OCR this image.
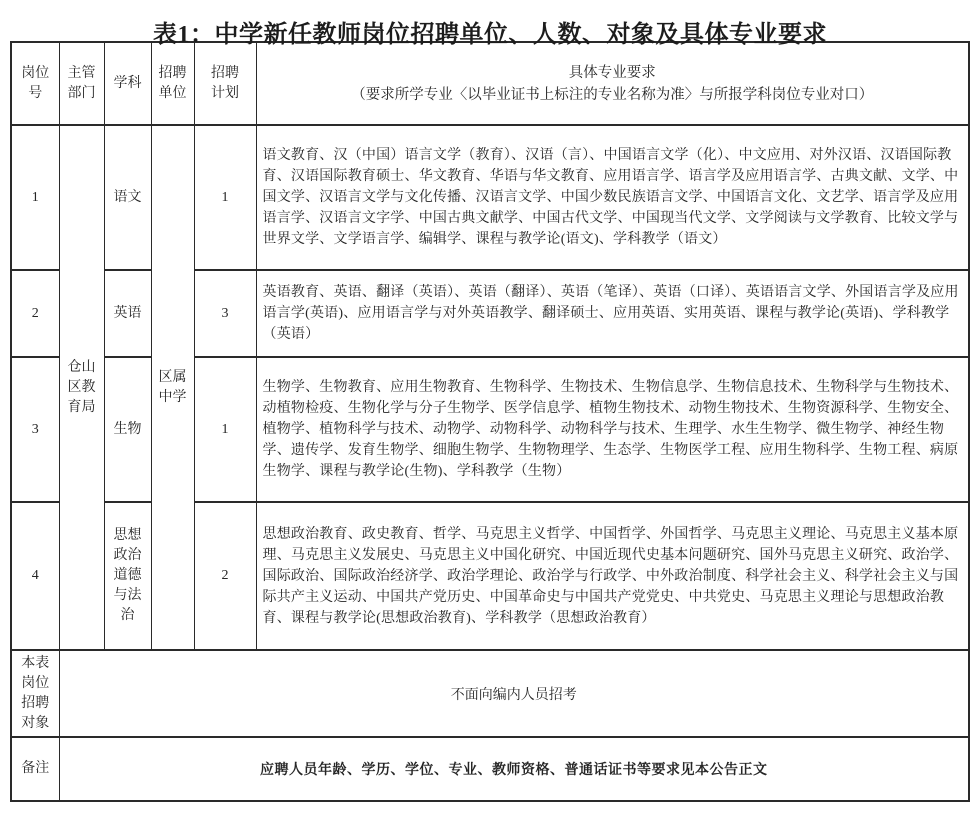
表1：中学新任教师岗位招聘单位、人数、对象及具体专业要求
岗位号	主管部门	学科	招聘单位	招聘计划	具体专业要求
（要求所学专业〈以毕业证书上标注的专业名称为准〉与所报学科岗位专业对口）

1	仓山区教育局	语文	区属中学	1	语文教育、汉（中国）语言文学（教育）、汉语（言）、中国语言文学（化）、中文应用、对外汉语、汉语国际教育、汉语国际教育硕士、华文教育、华语与华文教育、应用语言学、语言学及应用语言学、古典文献、文学、中国文学、汉语言文学与文化传播、汉语言文学、中国少数民族语言文学、中国语言文化、文艺学、语言学及应用语言学、汉语言文字学、中国古典文献学、中国古代文学、中国现当代文学、文学阅读与文学教育、比较文学与世界文学、文学语言学、编辑学、课程与教学论(语文)、学科教学（语文）
2		英语		3	英语教育、英语、翻译（英语）、英语（翻译）、英语（笔译）、英语（口译）、英语语言文学、外国语言学及应用语言学(英语)、应用语言学与对外英语教学、翻译硕士、应用英语、实用英语、课程与教学论(英语)、学科教学（英语）
3		生物		1	生物学、生物教育、应用生物教育、生物科学、生物技术、生物信息学、生物信息技术、生物科学与生物技术、动植物检疫、生物化学与分子生物学、医学信息学、植物生物技术、动物生物技术、生物资源科学、生物安全、植物学、植物科学与技术、动物学、动物科学、动物科学与技术、生理学、水生生物学、微生物学、神经生物学、遗传学、发育生物学、细胞生物学、生物物理学、生态学、生物医学工程、应用生物科学、生物工程、病原生物学、课程与教学论(生物)、学科教学（生物）
4		思想政治道德与法治		2	思想政治教育、政史教育、哲学、马克思主义哲学、中国哲学、外国哲学、马克思主义理论、马克思主义基本原理、马克思主义发展史、马克思主义中国化研究、中国近现代史基本问题研究、国外马克思主义研究、政治学、国际政治、国际政治经济学、政治学理论、政治学与行政学、中外政治制度、科学社会主义、科学社会主义与国际共产主义运动、中国共产党历史、中国革命史与中国共产党党史、中共党史、马克思主义理论与思想政治教育、课程与教学论(思想政治教育)、学科教学（思想政治教育）
本表岗位招聘对象	不面向编内人员招考				
备注	应聘人员年龄、学历、学位、专业、教师资格、普通话证书等要求见本公告正文				
